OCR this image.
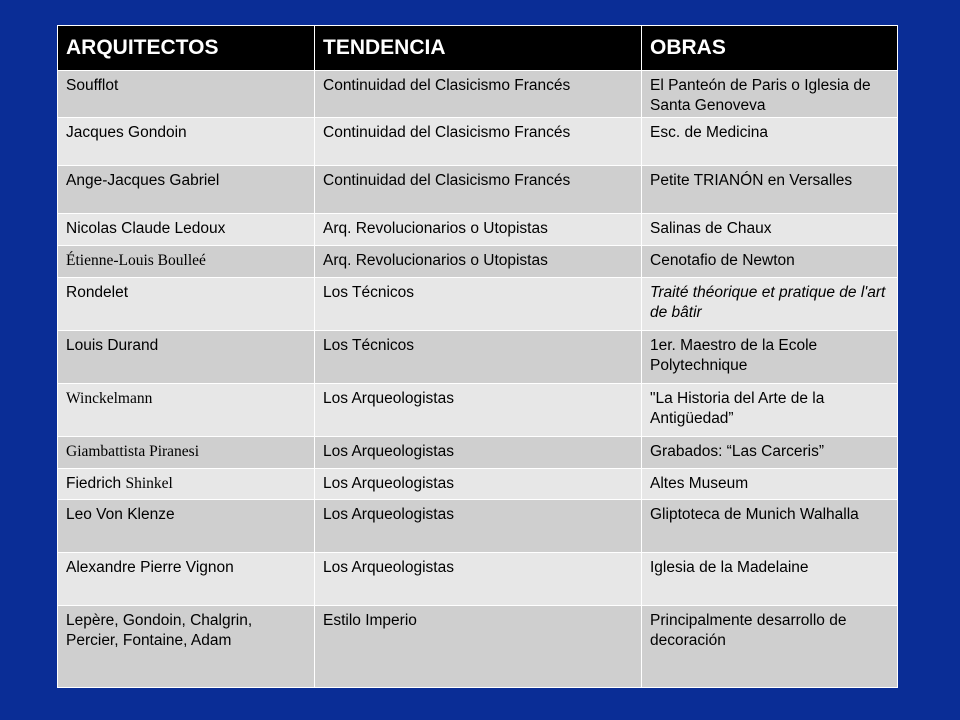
ARQUITECTOS	TENDENCIA	OBRAS
Soufflot	Continuidad del Clasicismo Francés	El Panteón de Paris o Iglesia de Santa Genoveva
Jacques Gondoin	Continuidad del Clasicismo Francés	Esc. de Medicina
Ange-Jacques Gabriel	Continuidad del Clasicismo Francés	Petite TRIANÓN en Versalles
Nicolas Claude Ledoux	Arq. Revolucionarios o Utopistas	Salinas de Chaux
Étienne-Louis Boulleé	Arq. Revolucionarios o Utopistas	Cenotafio de Newton
Rondelet	Los Técnicos	Traité théorique et pratique de l'art de bâtir
Louis Durand	Los Técnicos	1er. Maestro de la Ecole Polytechnique
Winckelmann	Los Arqueologistas	"La Historia del Arte de la Antigüedad”
Giambattista Piranesi	Los Arqueologistas	Grabados: “Las Carceris”
Fiedrich Shinkel	Los Arqueologistas	Altes Museum
Leo Von Klenze	Los Arqueologistas	Gliptoteca de Munich Walhalla
Alexandre Pierre Vignon	Los Arqueologistas	Iglesia de la Madelaine
Lepère, Gondoin, Chalgrin, Percier, Fontaine, Adam	Estilo Imperio	Principalmente desarrollo de decoración
